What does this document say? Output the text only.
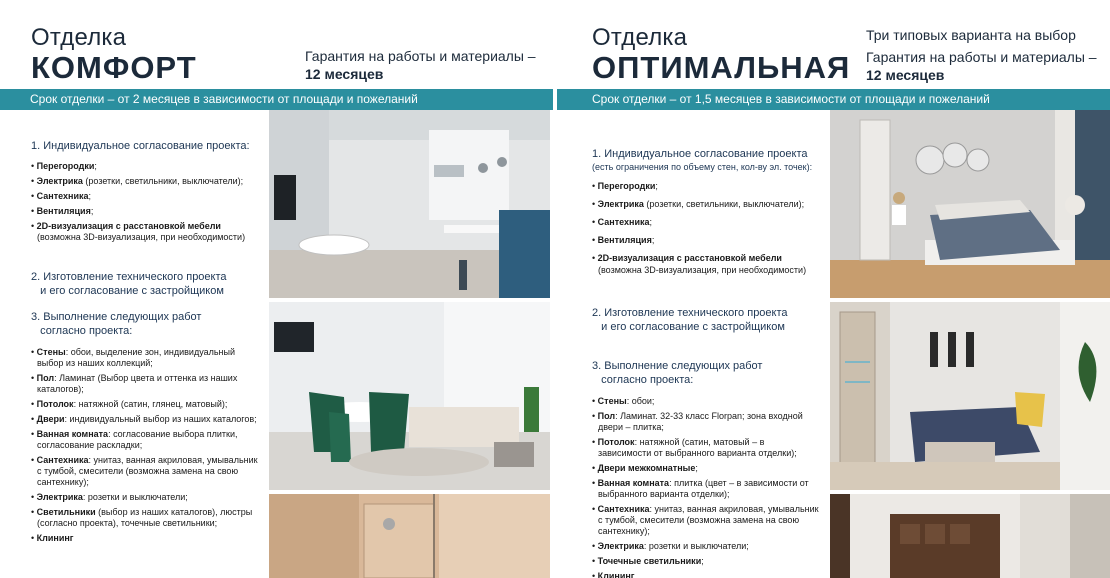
Отделка
КОМФОРТ	Гарантия на работы и материалы –
12 месяцев
Срок отделки – от 2 месяцев в зависимости от площади и пожеланий
1. Индивидуальное согласование проекта:
• Перегородки;
• Электрика (розетки, светильники, выключатели);
• Сантехника;
• Вентиляция;
• 2D-визуализация с расстановкой мебели
(возможна 3D-визуализация, при необходимости)
2. Изготовление технического проекта
и его согласование с застройщиком
3. Выполнение следующих работ
согласно проекта:
• Стены: обои, выделение зон, индивидуальный выбор из наших коллекций;
• Пол: Ламинат (Выбор цвета и оттенка из наших каталогов);
• Потолок: натяжной (сатин, глянец, матовый);
• Двери: индивидуальный выбор из наших каталогов;
• Ванная комната: согласование выбора плитки, согласование раскладки;
• Сантехника: унитаз, ванная акриловая, умывальник с тумбой, смесители (возможна замена на свою сантехнику);
• Электрика: розетки и выключатели;
• Светильники (выбор из наших каталогов), люстры (согласно проекта), точечные светильники;
• Клининг
Отделка
ОПТИМАЛЬНАЯ
Три типовых варианта на выбор
Гарантия на работы и материалы –
12 месяцев
Срок отделки – от 1,5 месяцев в зависимости от площади и пожеланий
1. Индивидуальное согласование проекта
(есть ограничения по объему стен, кол-ву эл. точек):
• Перегородки;
• Электрика (розетки, светильники, выключатели);
• Сантехника;
• Вентиляция;
• 2D-визуализация с расстановкой мебели
(возможна 3D-визуализация, при необходимости)
2. Изготовление технического проекта
и его согласование с застройщиком
3. Выполнение следующих работ
согласно проекта:
• Стены: обои;
• Пол: Ламинат. 32-33 класс Florpan; зона входной двери – плитка;
• Потолок: натяжной (сатин, матовый – в зависимости от выбранного варианта отделки);
• Двери межкомнатные;
• Ванная комната: плитка (цвет – в зависимости от выбранного варианта отделки);
• Сантехника: унитаз, ванная акриловая, умывальник с тумбой, смесители (возможна замена на свою сантехнику);
• Электрика: розетки и выключатели;
• Точечные светильники;
• Клининг
